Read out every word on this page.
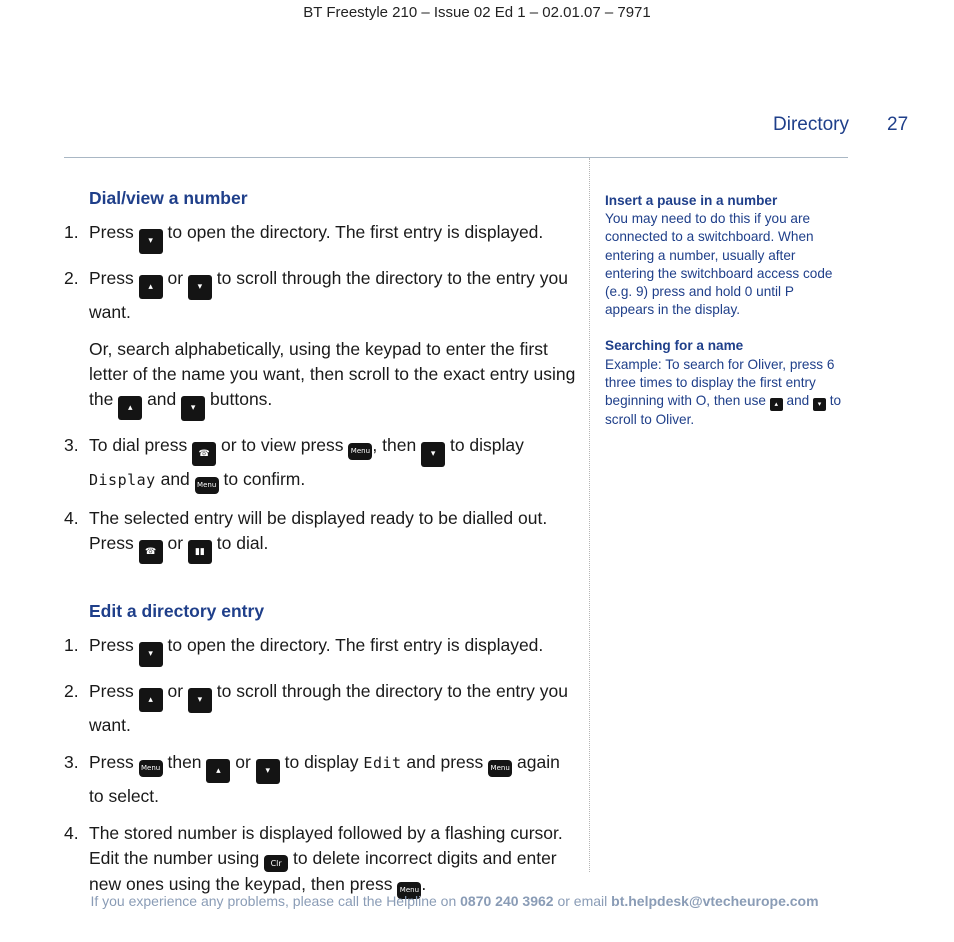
BT Freestyle 210 – Issue 02 Ed 1 – 02.01.07 – 7971
Directory 27
Dial/view a number
1. Press ▾ to open the directory. The first entry is displayed.
2. Press ▴ or ▾ to scroll through the directory to the entry you want.
Or, search alphabetically, using the keypad to enter the first letter of the name you want, then scroll to the exact entry using the ▴ and ▾ buttons.
3. To dial press ☎ or to view press Menu , then ▾ to display Display and Menu to confirm.
4. The selected entry will be displayed ready to be dialled out. Press ☎ or ▮▮ to dial.
Edit a directory entry
1. Press ▾ to open the directory. The first entry is displayed.
2. Press ▴ or ▾ to scroll through the directory to the entry you want.
3. Press Menu then ▴ or ▾ to display Edit and press Menu again to select.
4. The stored number is displayed followed by a flashing cursor. Edit the number using Clr to delete incorrect digits and enter new ones using the keypad, then press Menu .

Insert a pause in a number

You may need to do this if you are connected to a switchboard. When entering a number, usually after entering the switchboard access code (e.g. 9) press and hold 0 until P appears in the display.

Searching for a name

Example: To search for Oliver, press 6 three times to display the first entry beginning with O, then use ▴ and ▾ to scroll to Oliver.

If you experience any problems, please call the Helpline on 0870 240 3962 or email bt.helpdesk@vtecheurope.com
